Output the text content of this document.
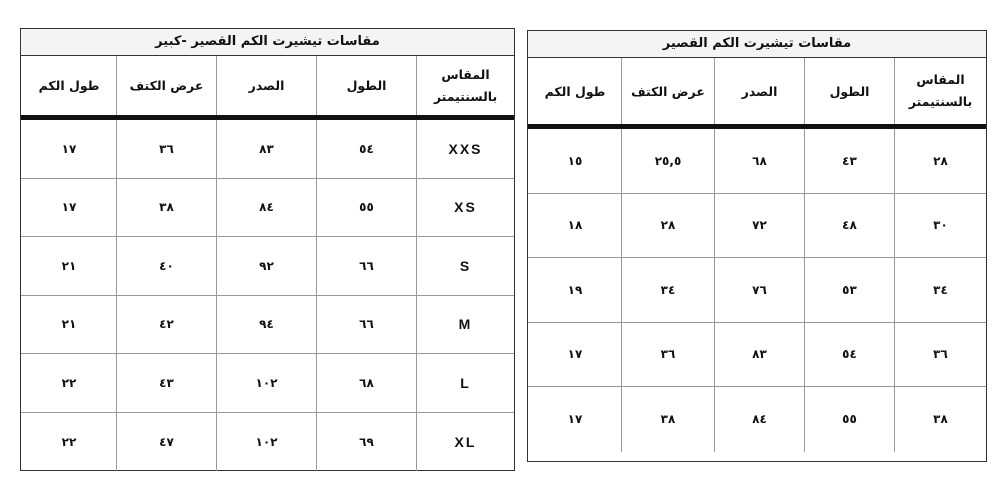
مقاسات تيشيرت الكم القصير -كبير
المقاس
بالسنتيمتر
الطول
الصدر
عرض الكتف
طول الكم
XXS
٥٤
٨٣
٣٦
١٧
XS
٥٥
٨٤
٣٨
١٧
S
٦٦
٩٢
٤٠
٢١
M
٦٦
٩٤
٤٢
٢١
L
٦٨
١٠٢
٤٣
٢٢
XL
٦٩
١٠٢
٤٧
٢٢
مقاسات تيشيرت الكم القصير
المقاس
بالسنتيمتر
الطول
الصدر
عرض الكتف
طول الكم
٢٨
٤٣
٦٨
٢٥,٥
١٥
٣٠
٤٨
٧٢
٢٨
١٨
٣٤
٥٣
٧٦
٣٤
١٩
٣٦
٥٤
٨٣
٣٦
١٧
٣٨
٥٥
٨٤
٣٨
١٧
